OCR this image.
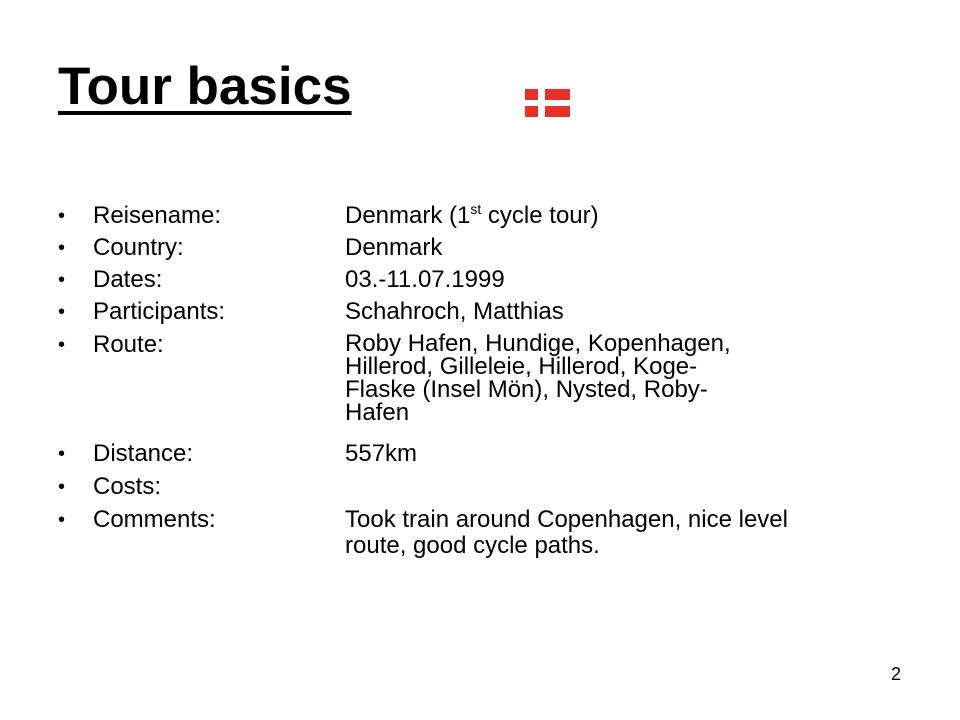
Tour basics
• Reisename:	Denmark (1st cycle tour)
• Country:	Denmark
• Dates:	03.-11.07.1999
• Participants:	Schahroch, Matthias
• Route:	Roby Hafen, Hundige, Kopenhagen,
Hillerod, Gilleleie, Hillerod, Koge-
Flaske (Insel Mön), Nysted, Roby-
Hafen
• Distance:	557km
• Costs:
• Comments:	Took train around Copenhagen, nice level
route, good cycle paths.
2
